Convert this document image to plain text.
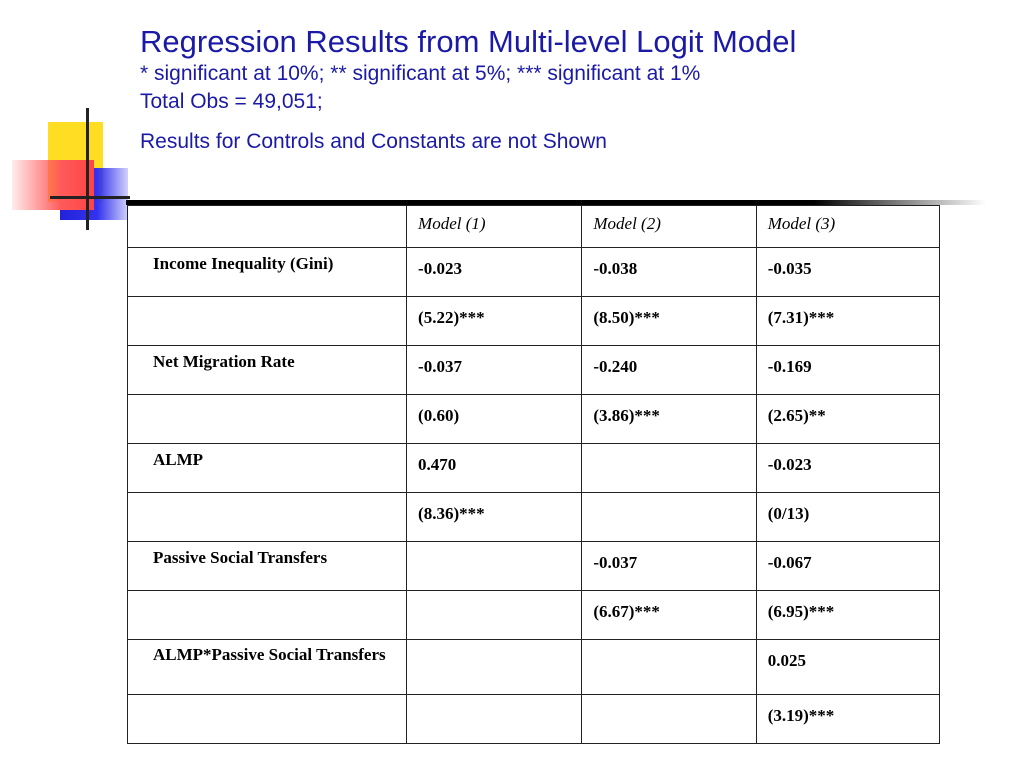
Regression Results from Multi-level Logit Model
* significant at 10%; ** significant at 5%; *** significant at 1%
Total Obs = 49,051;
Results for Controls and Constants are not Shown

	Model (1)	Model (2)	Model (3)

Income Inequality (Gini)	-0.023	-0.038	-0.035

	(5.22)***	(8.50)***	(7.31)***

Net Migration Rate	-0.037	-0.240	-0.169

	(0.60)	(3.86)***	(2.65)**

ALMP	0.470		-0.023

	(8.36)***		(0/13)

Passive Social Transfers		-0.037	-0.067

		(6.67)***	(6.95)***

ALMP*Passive Social Transfers			0.025

			(3.19)***
